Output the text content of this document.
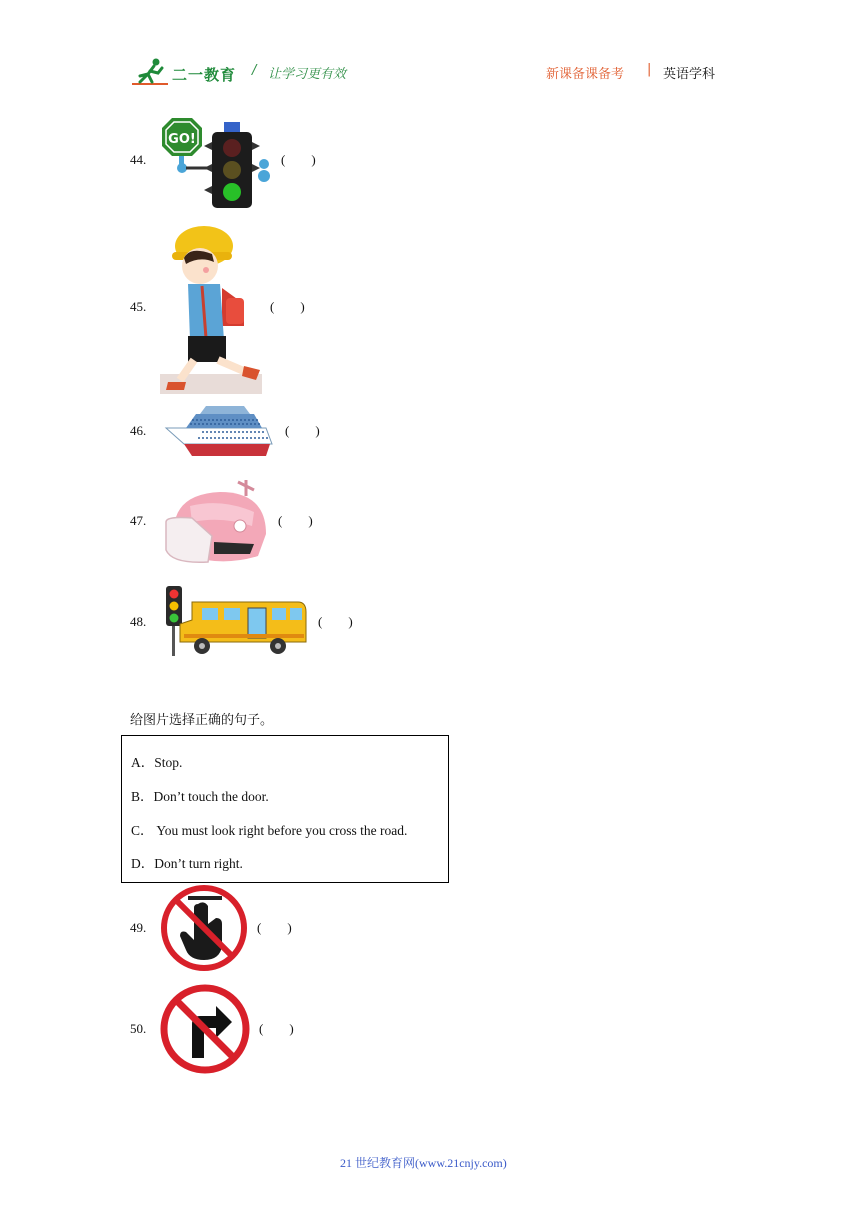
二一教育 / 让学习更有效	新课备课备考 | 英语学科
44.
GO!
(        )
45.	(        )
46.	(        )
47.	(        )
48.	(        )
给图片选择正确的句子。
A．Stop.
B．Don’t touch the door.
C． You must look right before you cross the road.
D．Don’t turn right.
49.	(        )
50.	(        )
21 世纪教育网(www.21cnjy.com)
